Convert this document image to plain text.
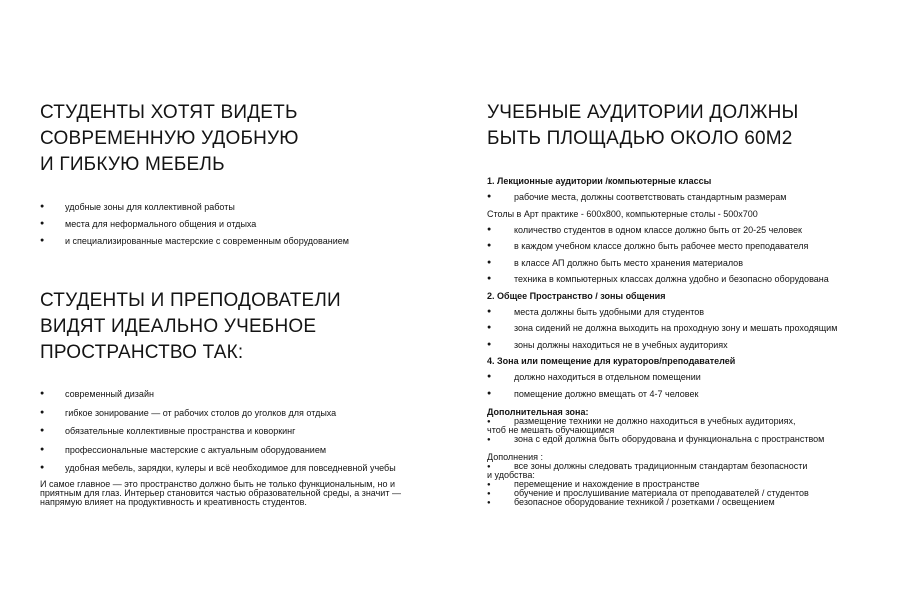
СТУДЕНТЫ ХОТЯТ ВИДЕТЬ
СОВРЕМЕННУЮ УДОБНУЮ
И ГИБКУЮ МЕБЕЛЬ
● удобные зоны для коллективной работы
● места для неформального общения и отдыха
● и специализированные мастерские с современным оборудованием
СТУДЕНТЫ И ПРЕПОДОВАТЕЛИ
ВИДЯТ ИДЕАЛЬНО УЧЕБНОЕ
ПРОСТРАНСТВО ТАК:
● современный дизайн
● гибкое зонирование — от рабочих столов до уголков для отдыха
● обязательные коллективные пространства и коворкинг
● профессиональные мастерские с актуальным оборудованием
● удобная мебель, зарядки, кулеры и всё необходимое для повседневной учебы

И самое главное — это пространство должно быть не только функциональным, но и приятным для глаз. Интерьер становится частью образовательной среды, а значит — напрямую влияет на продуктивность и креативность студентов.

УЧЕБНЫЕ АУДИТОРИИ ДОЛЖНЫ
БЫТЬ ПЛОЩАДЬЮ ОКОЛО 60М2

1. Лекционные аудитории /компьютерные классы

● рабочие места, должны соответствовать стандартным размерам

Столы в Арт практике - 600х800, компьютерные столы - 500х700

● количество студентов в одном классе должно быть от 20-25 человек
● в каждом учебном классе должно быть рабочее место преподавателя
● в классе АП должно быть место хранения материалов
● техника в компьютерных классах должна удобно и безопасно оборудована

2. Общее Пространство / зоны общения

● места должны быть удобными для студентов
● зона сидений не должна выходить на проходную зону и мешать проходящим
● зоны должны находиться не в учебных аудиториях

4. Зона или помещение для кураторов/преподавателей

● должно находиться в отдельном помещении
● помещение должно вмещать от 4-7 человек

Дополнительная зона:

● размещение техники не должно находиться в учебных аудиториях,

чтоб не мешать обучающимся

● зона с едой должна быть оборудована и функциональна с пространством

Дополнения :

● все зоны должны следовать традиционным стандартам безопасности

и удобства:

● перемещение и нахождение в пространстве
● обучение и прослушивание материала от преподавателей / студентов
● безопасное оборудование техникой / розетками / освещением
